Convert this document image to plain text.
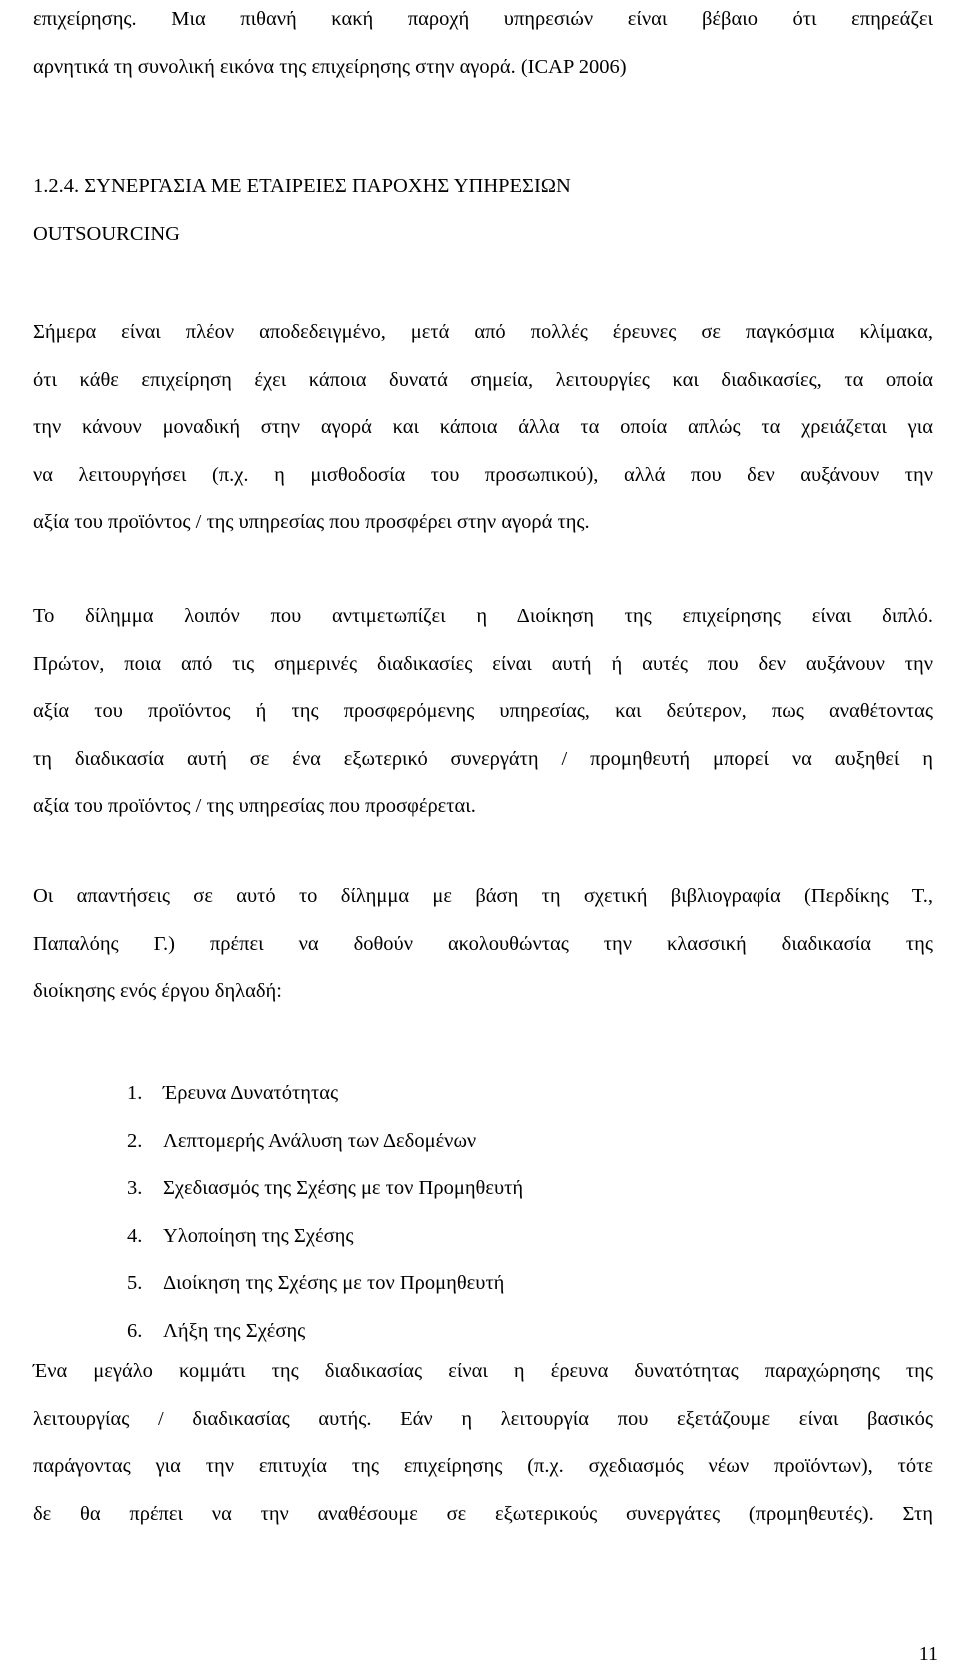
επιχείρησης. Μια πιθανή κακή παροχή υπηρεσιών είναι βέβαιο ότι επηρεάζει
αρνητικά τη συνολική εικόνα της επιχείρησης στην αγορά. (ICAP 2006)

1.2.4. ΣΥΝΕΡΓΑΣΙΑ ΜΕ ΕΤΑΙΡΕΙΕΣ ΠΑΡΟΧΗΣ ΥΠΗΡΕΣΙΩΝ
OUTSOURCING

Σήμερα είναι πλέον αποδεδειγμένο, μετά από πολλές έρευνες σε παγκόσμια κλίμακα,
ότι κάθε επιχείρηση έχει κάποια δυνατά σημεία, λειτουργίες και διαδικασίες, τα οποία
την κάνουν μοναδική στην αγορά και κάποια άλλα τα οποία απλώς τα χρειάζεται για
να λειτουργήσει (π.χ. η μισθοδοσία του προσωπικού), αλλά που δεν αυξάνουν την
αξία του προϊόντος / της υπηρεσίας που προσφέρει στην αγορά της.

Το δίλημμα λοιπόν που αντιμετωπίζει η Διοίκηση της επιχείρησης είναι διπλό.
Πρώτον, ποια από τις σημερινές διαδικασίες είναι αυτή ή αυτές που δεν αυξάνουν την
αξία του προϊόντος ή της προσφερόμενης υπηρεσίας, και δεύτερον, πως αναθέτοντας
τη διαδικασία αυτή σε ένα εξωτερικό συνεργάτη / προμηθευτή μπορεί να αυξηθεί η
αξία του προϊόντος / της υπηρεσίας που προσφέρεται.

Οι απαντήσεις σε αυτό το δίλημμα με βάση τη σχετική βιβλιογραφία (Περδίκης Τ.,
Παπαλόης Γ.) πρέπει να δοθούν ακολουθώντας την κλασσική διαδικασία της
διοίκησης ενός έργου δηλαδή:

1. Έρευνα Δυνατότητας
2. Λεπτομερής Ανάλυση των Δεδομένων
3. Σχεδιασμός της Σχέσης με τον Προμηθευτή
4. Υλοποίηση της Σχέσης
5. Διοίκηση της Σχέσης με τον Προμηθευτή
6. Λήξη της Σχέσης

Ένα μεγάλο κομμάτι της διαδικασίας είναι η έρευνα δυνατότητας παραχώρησης της
λειτουργίας / διαδικασίας αυτής. Εάν η λειτουργία που εξετάζουμε είναι βασικός
παράγοντας για την επιτυχία της επιχείρησης (π.χ. σχεδιασμός νέων προϊόντων), τότε
δε θα πρέπει να την αναθέσουμε σε εξωτερικούς συνεργάτες (προμηθευτές). Στη

11
